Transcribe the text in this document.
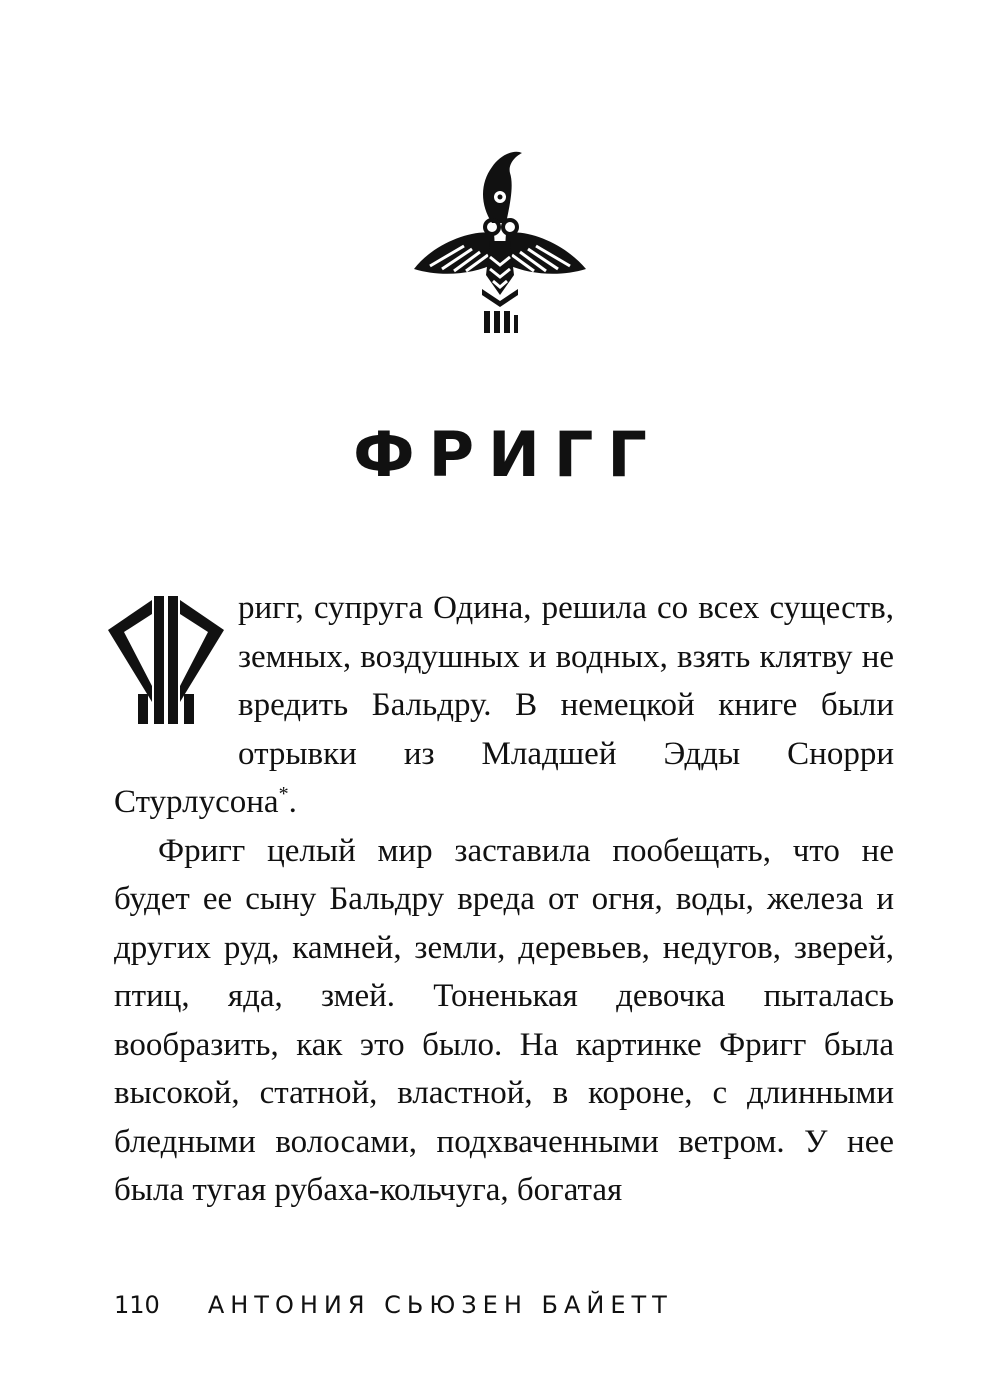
ФРИГГ

ригг, супруга Одина, решила со всех существ, земных, воздушных и водных, взять клятву не вредить Бальдру. В немецкой книге были отрывки из Младшей Эдды Снорри Стурлусона*.

Фригг целый мир заставила пообещать, что не будет ее сыну Бальдру вреда от огня, воды, железа и других руд, камней, земли, деревьев, недугов, зверей, птиц, яда, змей. Тоненькая девочка пыталась вообразить, как это было. На картинке Фригг была высокой, статной, властной, в короне, с длинными бледными волосами, подхваченными ветром. У нее была тугая рубаха-кольчуга, богатая

110 АНТОНИЯ СЬЮЗЕН БАЙЕТТ
